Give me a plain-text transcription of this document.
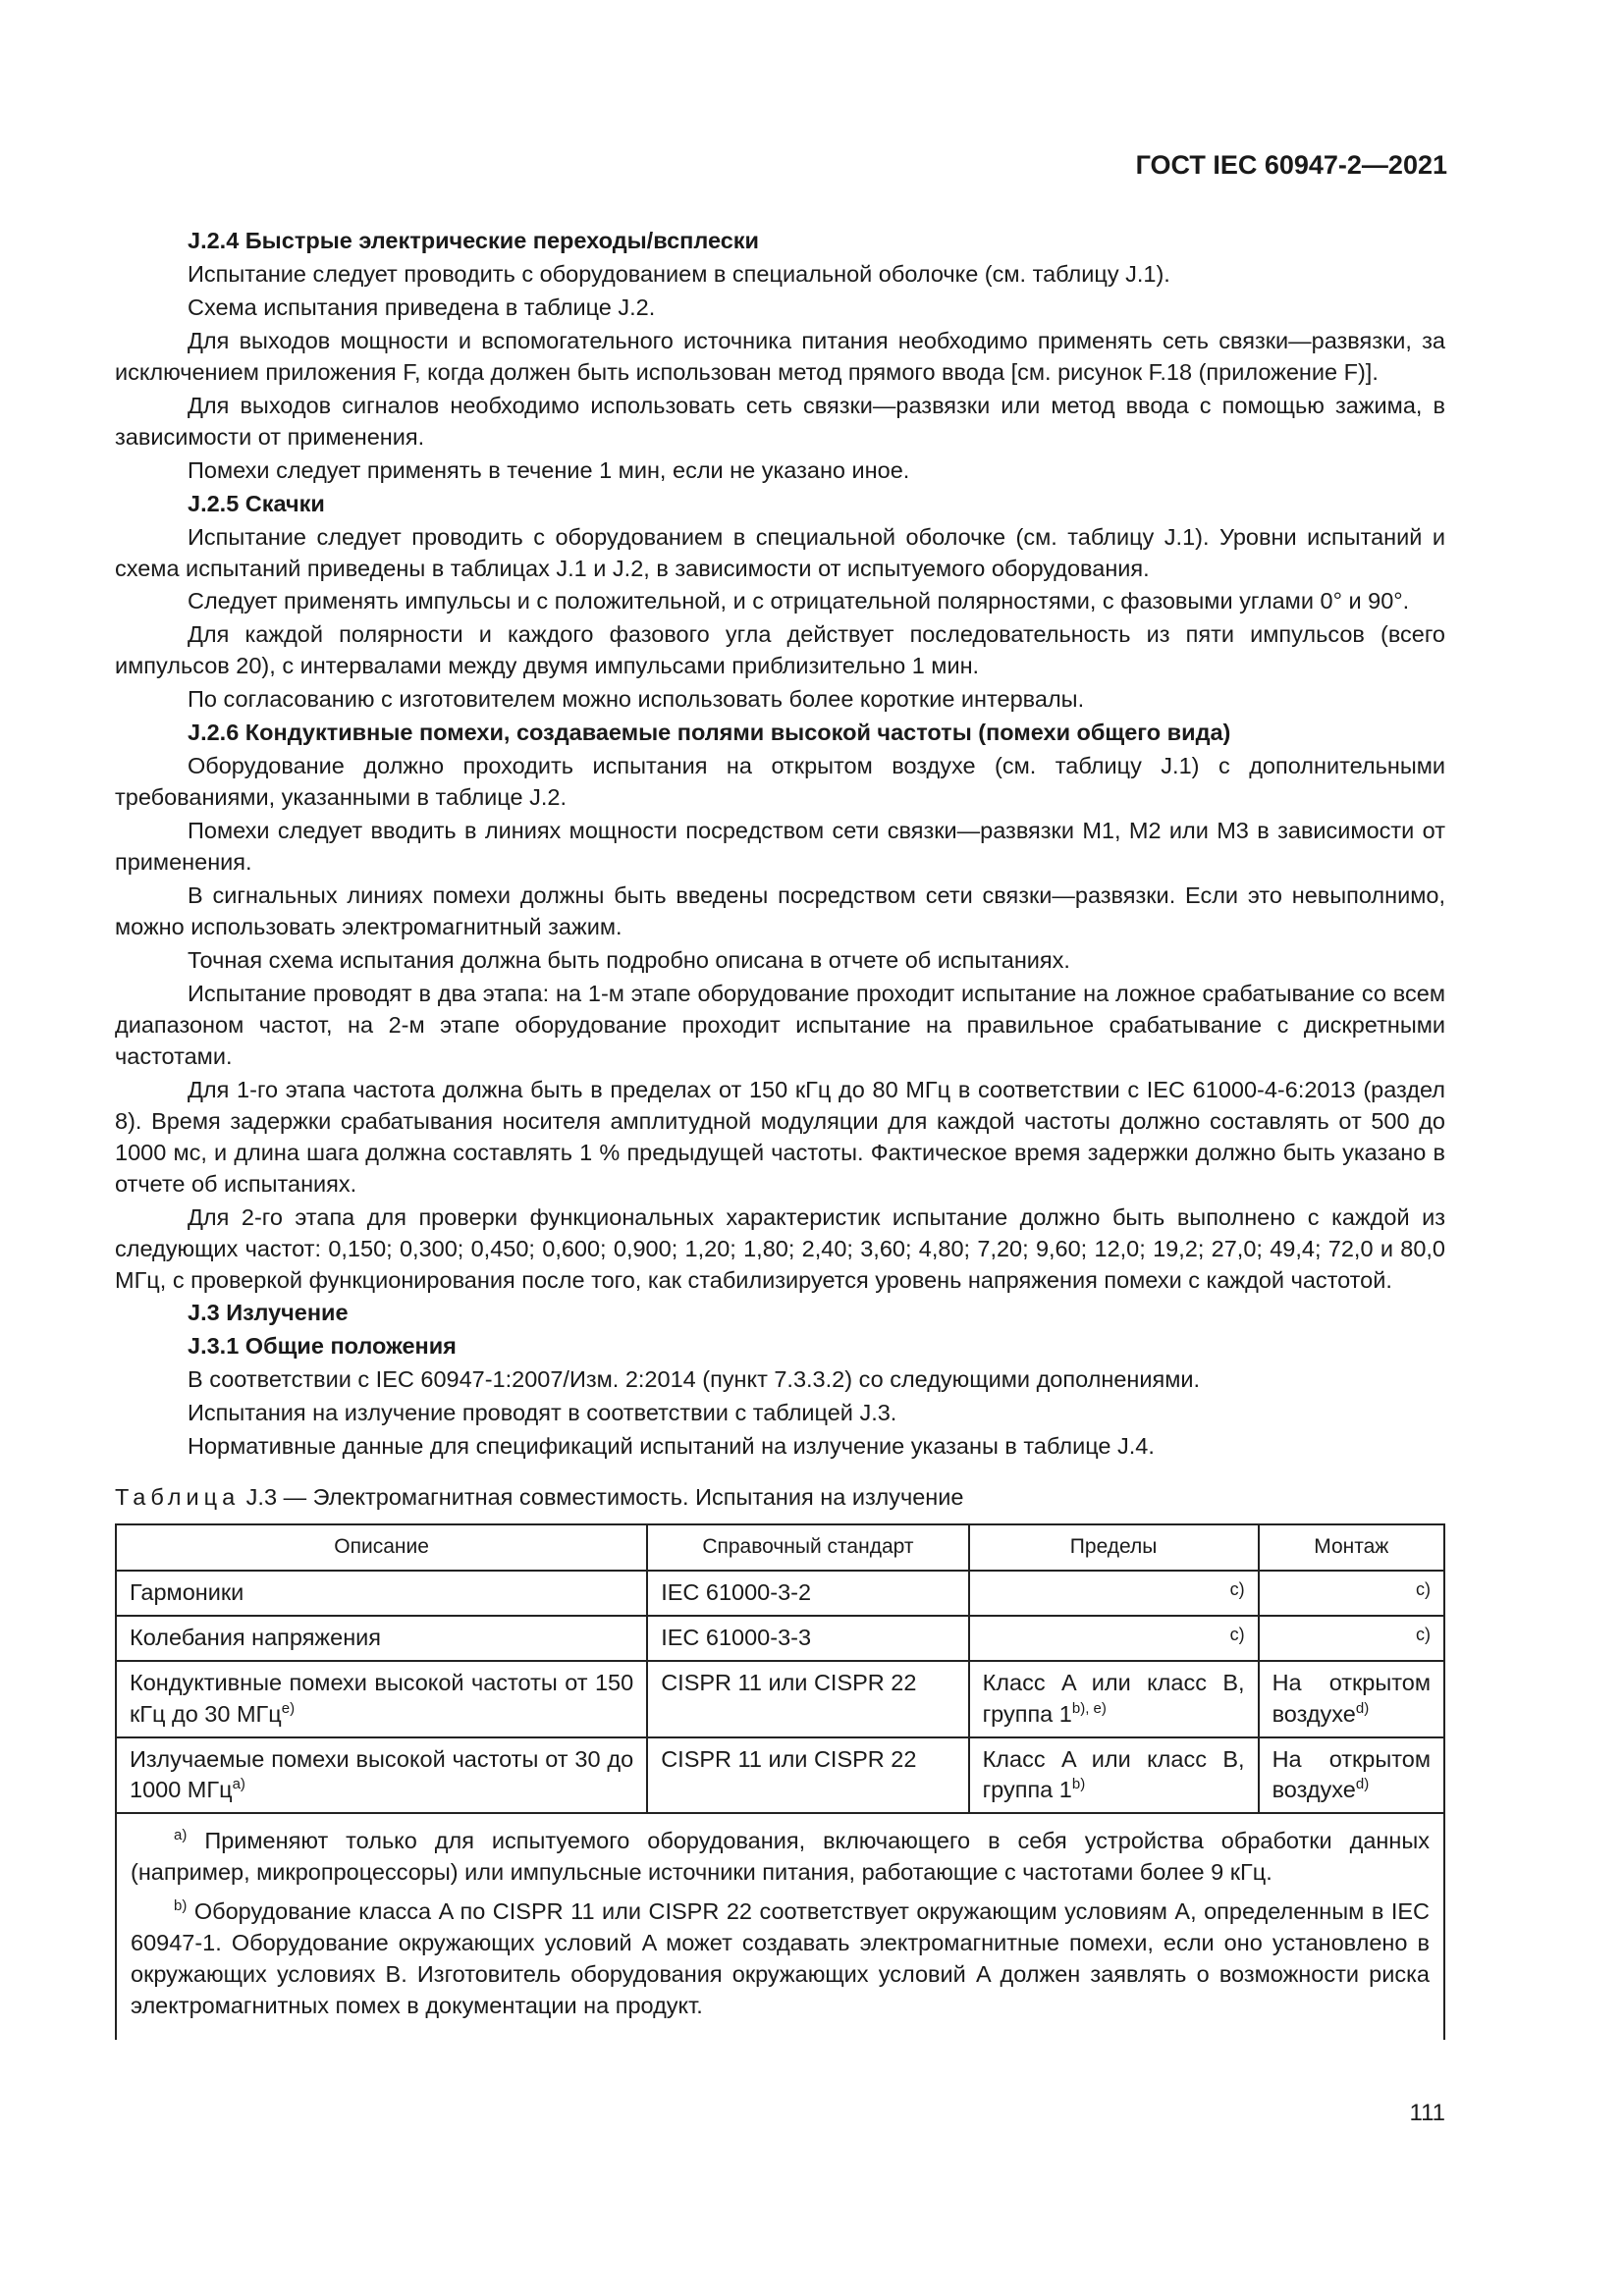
ГОСТ IEC 60947-2—2021

J.2.4 Быстрые электрические переходы/всплески

Испытание следует проводить с оборудованием в специальной оболочке (см. таблицу J.1).

Схема испытания приведена в таблице J.2.

Для выходов мощности и вспомогательного источника питания необходимо применять сеть связки—развязки, за исключением приложения F, когда должен быть использован метод прямого ввода [см. рисунок F.18 (приложение F)].

Для выходов сигналов необходимо использовать сеть связки—развязки или метод ввода с помощью зажима, в зависимости от применения.

Помехи следует применять в течение 1 мин, если не указано иное.

J.2.5 Скачки

Испытание следует проводить с оборудованием в специальной оболочке (см. таблицу J.1). Уровни испытаний и схема испытаний приведены в таблицах J.1 и J.2, в зависимости от испытуемого оборудования.

Следует применять импульсы и с положительной, и с отрицательной полярностями, с фазовыми углами 0° и 90°.

Для каждой полярности и каждого фазового угла действует последовательность из пяти импульсов (всего импульсов 20), с интервалами между двумя импульсами приблизительно 1 мин.

По согласованию с изготовителем можно использовать более короткие интервалы.

J.2.6 Кондуктивные помехи, создаваемые полями высокой частоты (помехи общего вида)

Оборудование должно проходить испытания на открытом воздухе (см. таблицу J.1) с дополнительными требованиями, указанными в таблице J.2.

Помехи следует вводить в линиях мощности посредством сети связки—развязки M1, M2 или M3 в зависимости от применения.

В сигнальных линиях помехи должны быть введены посредством сети связки—развязки. Если это невыполнимо, можно использовать электромагнитный зажим.

Точная схема испытания должна быть подробно описана в отчете об испытаниях.

Испытание проводят в два этапа: на 1-м этапе оборудование проходит испытание на ложное срабатывание со всем диапазоном частот, на 2-м этапе оборудование проходит испытание на правильное срабатывание с дискретными частотами.

Для 1-го этапа частота должна быть в пределах от 150 кГц до 80 МГц в соответствии с IEC 61000-4-6:2013 (раздел 8). Время задержки срабатывания носителя амплитудной модуляции для каждой частоты должно составлять от 500 до 1000 мс, и длина шага должна составлять 1 % предыдущей частоты. Фактическое время задержки должно быть указано в отчете об испытаниях.

Для 2-го этапа для проверки функциональных характеристик испытание должно быть выполнено с каждой из следующих частот: 0,150; 0,300; 0,450; 0,600; 0,900; 1,20; 1,80; 2,40; 3,60; 4,80; 7,20; 9,60; 12,0; 19,2; 27,0; 49,4; 72,0 и 80,0 МГц, с проверкой функционирования после того, как стабилизируется уровень напряжения помехи с каждой частотой.

J.3 Излучение

J.3.1 Общие положения

В соответствии с IEC 60947-1:2007/Изм. 2:2014 (пункт 7.3.3.2) со следующими дополнениями.

Испытания на излучение проводят в соответствии с таблицей J.3.

Нормативные данные для спецификаций испытаний на излучение указаны в таблице J.4.

Таблица J.3 — Электромагнитная совместимость. Испытания на излучение

Описание	Справочный стандарт	Пределы	Монтаж
Гармоники	IEC 61000-3-2	c)	c)
Колебания напряжения	IEC 61000-3-3	c)	c)
Кондуктивные помехи высокой частоты от 150 кГц до 30 МГц$^{e)}$	CISPR 11 или CISPR 22	Класс A или класс B, группа $1^{b), e)}$	На открытом воздухе$^{d)}$
Излучаемые помехи высокой частоты от 30 до 1000 МГц$^{a)}$	CISPR 11 или CISPR 22	Класс A или класс B, группа 1$^{b)}$	На открытом воздухе$^{d)}$

$^{a)}$ Применяют только для испытуемого оборудования, включающего в себя устройства обработки данных (например, микропроцессоры) или импульсные источники питания, работающие с частотами более 9 кГц.

$^{b)}$ Оборудование класса A по CISPR 11 или CISPR 22 соответствует окружающим условиям A, определенным в IEC 60947-1. Оборудование окружающих условий A может создавать электромагнитные помехи, если оно установлено в окружающих условиях B. Изготовитель оборудования окружающих условий A должен заявлять о возможности риска электромагнитных помех в документации на продукт.			

111
